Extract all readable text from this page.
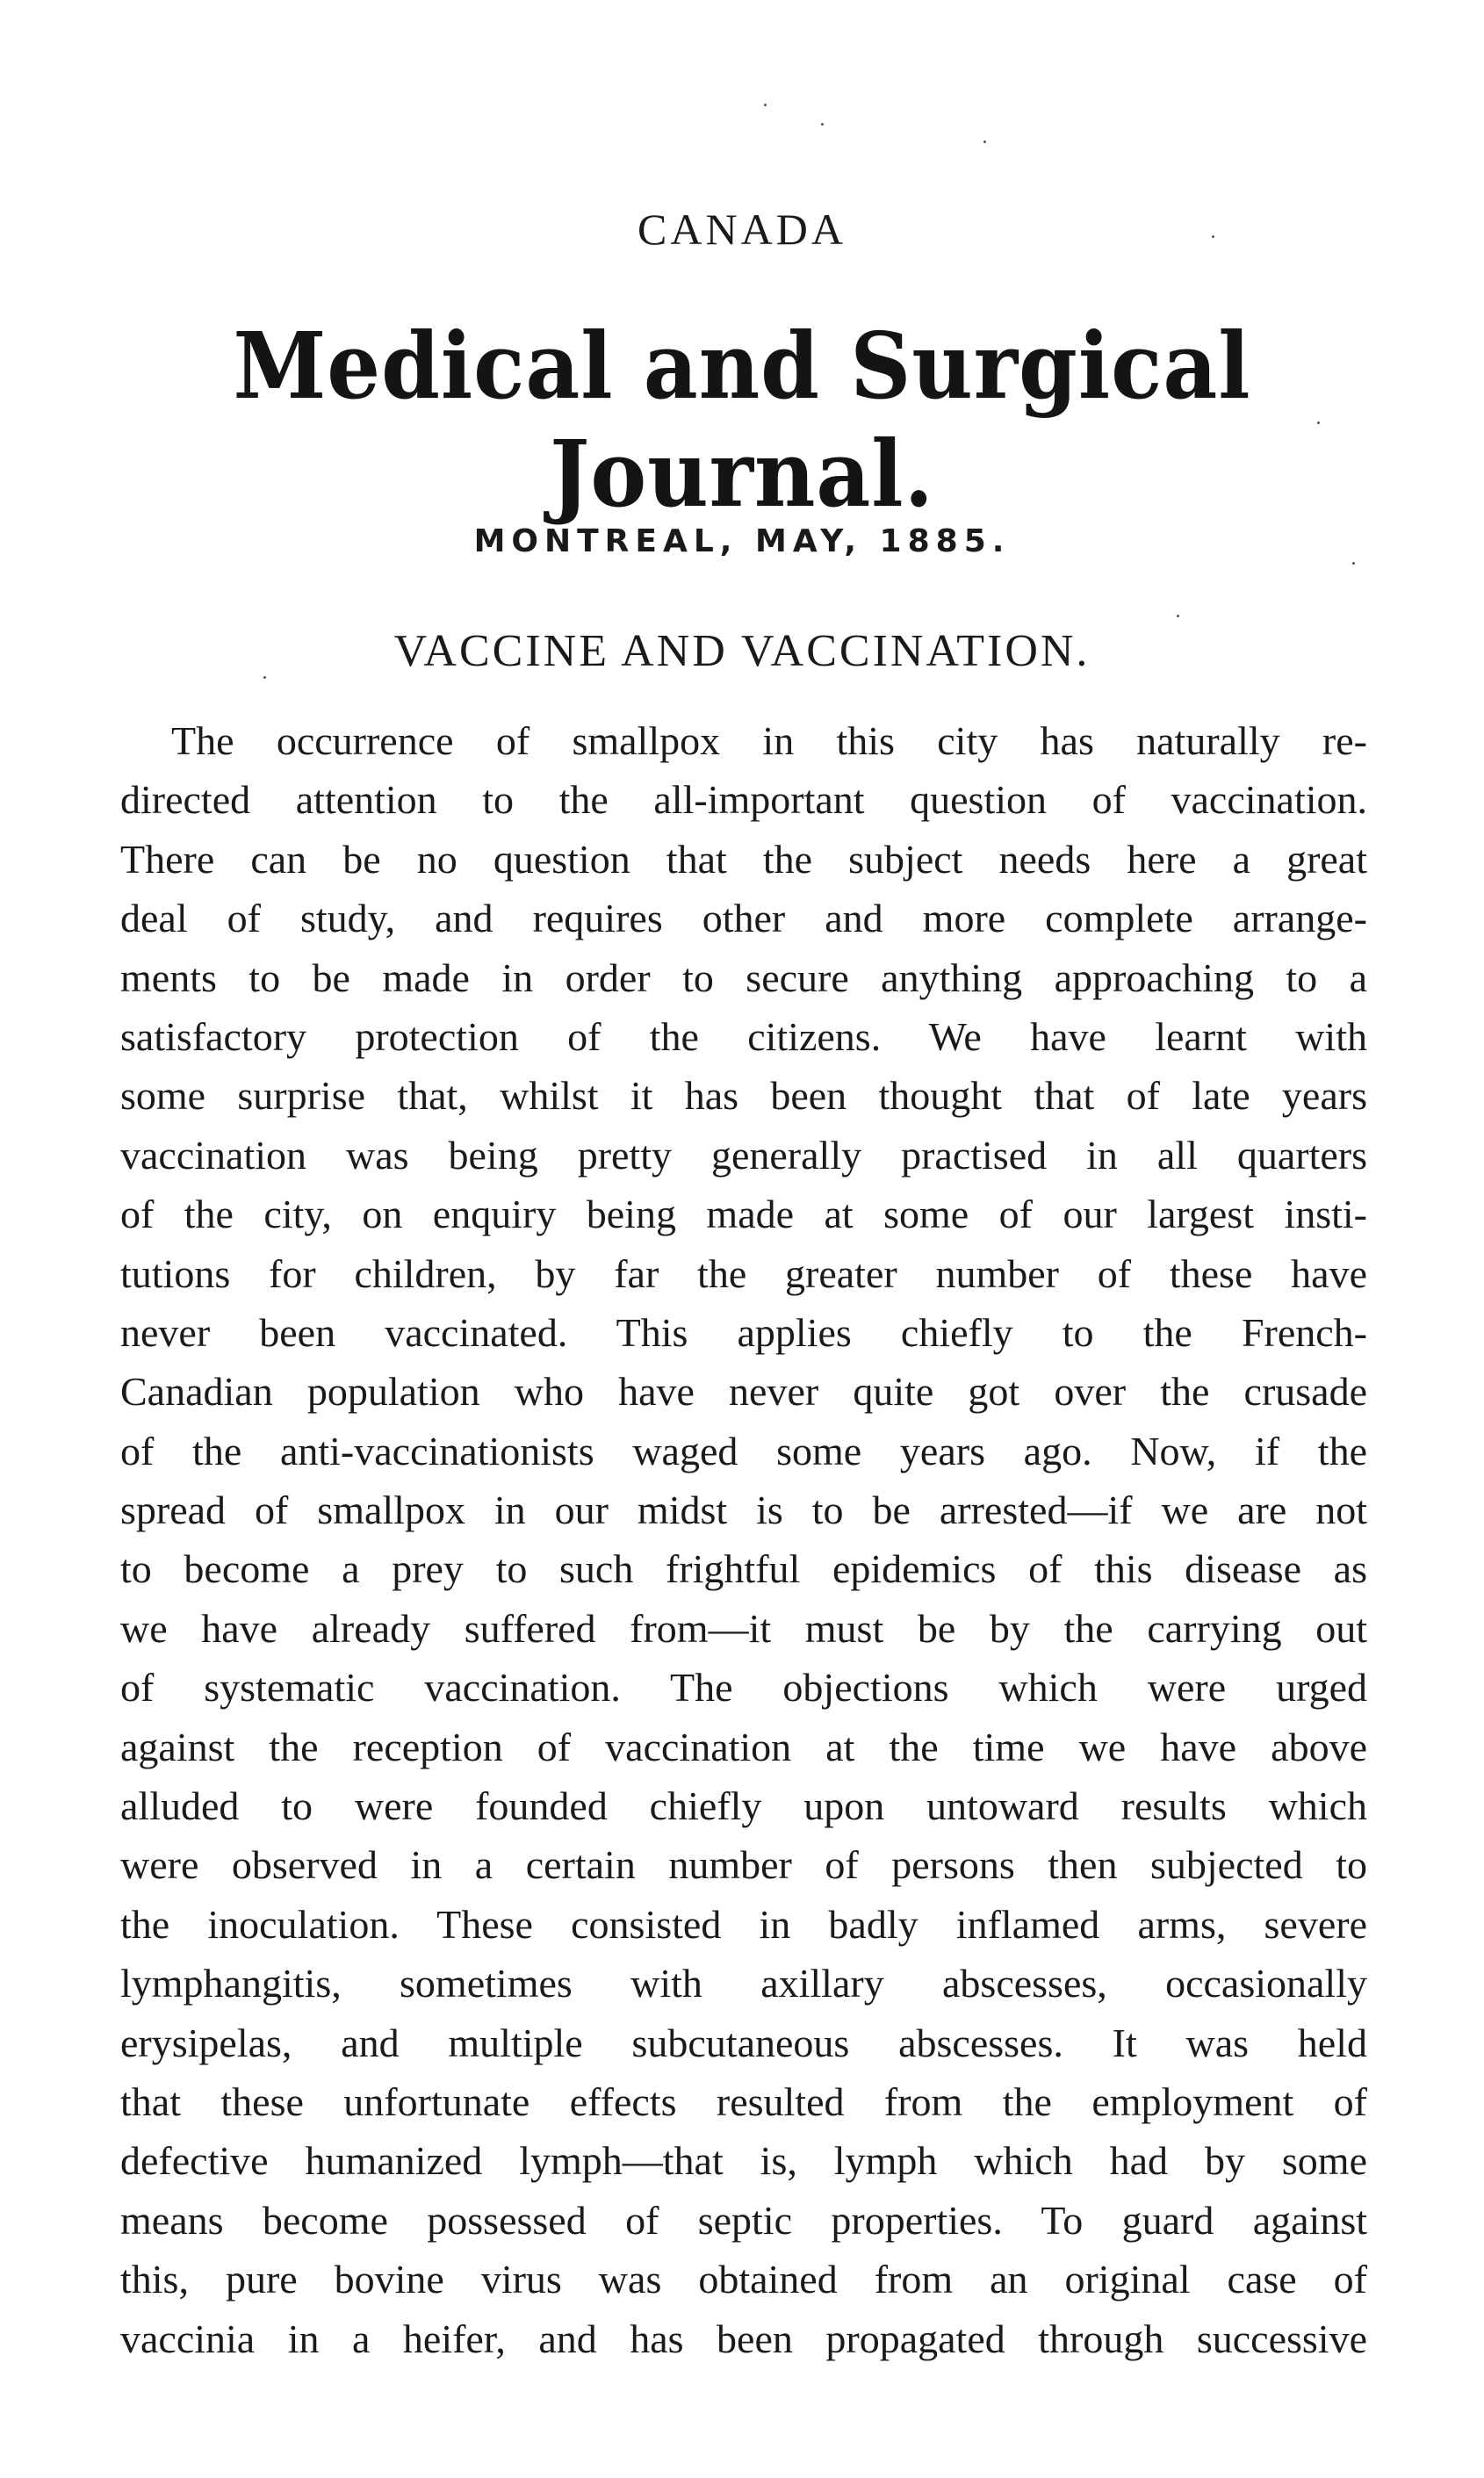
CANADA
Medical and Surgical Journal.
MONTREAL, MAY, 1885.
VACCINE AND VACCINATION.
The occurrence of smallpox in this city has naturally re-
directed attention to the all-important question of vaccination.
There can be no question that the subject needs here a great
deal of study, and requires other and more complete arrange-
ments to be made in order to secure anything approaching to a
satisfactory protection of the citizens. We have learnt with
some surprise that, whilst it has been thought that of late years
vaccination was being pretty generally practised in all quarters
of the city, on enquiry being made at some of our largest insti-
tutions for children, by far the greater number of these have
never been vaccinated. This applies chiefly to the French-
Canadian population who have never quite got over the crusade
of the anti-vaccinationists waged some years ago. Now, if the
spread of smallpox in our midst is to be arrested—if we are not
to become a prey to such frightful epidemics of this disease as
we have already suffered from—it must be by the carrying out
of systematic vaccination. The objections which were urged
against the reception of vaccination at the time we have above
alluded to were founded chiefly upon untoward results which
were observed in a certain number of persons then subjected to
the inoculation. These consisted in badly inflamed arms, severe
lymphangitis, sometimes with axillary abscesses, occasionally
erysipelas, and multiple subcutaneous abscesses. It was held
that these unfortunate effects resulted from the employment of
defective humanized lymph—that is, lymph which had by some
means become possessed of septic properties. To guard against
this, pure bovine virus was obtained from an original case of
vaccinia in a heifer, and has been propagated through successive
